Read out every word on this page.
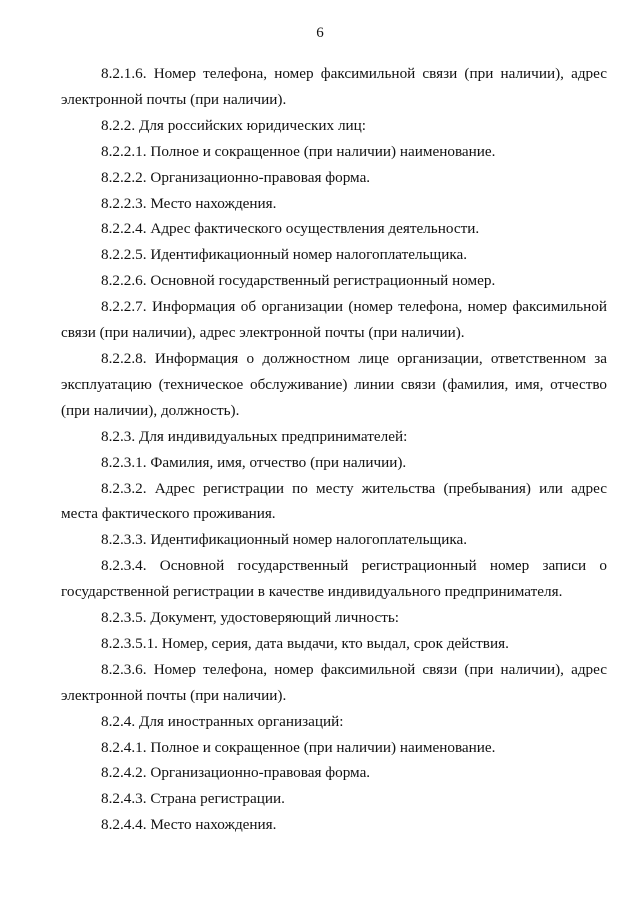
6

8.2.1.6. Номер телефона, номер факсимильной связи (при наличии), адрес электронной почты (при наличии).

8.2.2. Для российских юридических лиц:

8.2.2.1. Полное и сокращенное (при наличии) наименование.

8.2.2.2. Организационно-правовая форма.

8.2.2.3. Место нахождения.

8.2.2.4. Адрес фактического осуществления деятельности.

8.2.2.5. Идентификационный номер налогоплательщика.

8.2.2.6. Основной государственный регистрационный номер.

8.2.2.7. Информация об организации (номер телефона, номер факсимильной связи (при наличии), адрес электронной почты (при наличии).

8.2.2.8. Информация о должностном лице организации, ответственном за эксплуатацию (техническое обслуживание) линии связи (фамилия, имя, отчество (при наличии), должность).

8.2.3. Для индивидуальных предпринимателей:

8.2.3.1. Фамилия, имя, отчество (при наличии).

8.2.3.2. Адрес регистрации по месту жительства (пребывания) или адрес места фактического проживания.

8.2.3.3. Идентификационный номер налогоплательщика.

8.2.3.4. Основной государственный регистрационный номер записи о государственной регистрации в качестве индивидуального предпринимателя.

8.2.3.5. Документ, удостоверяющий личность:

8.2.3.5.1. Номер, серия, дата выдачи, кто выдал, срок действия.

8.2.3.6. Номер телефона, номер факсимильной связи (при наличии), адрес электронной почты (при наличии).

8.2.4. Для иностранных организаций:

8.2.4.1. Полное и сокращенное (при наличии) наименование.

8.2.4.2. Организационно-правовая форма.

8.2.4.3. Страна регистрации.

8.2.4.4. Место нахождения.
